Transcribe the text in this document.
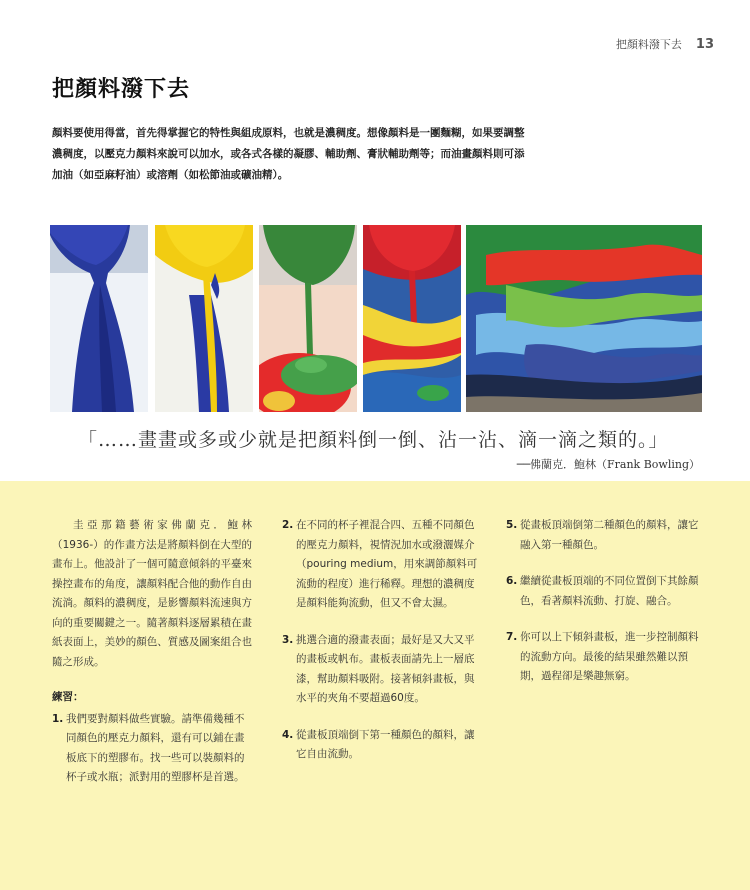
把顏料潑下去 13
把顏料潑下去

顏料要使用得當，首先得掌握它的特性與組成原料，也就是濃稠度。想像顏料是一團麵糊，如果要調整濃稠度，以壓克力顏料來說可以加水，或各式各樣的凝膠、輔助劑、膏狀輔助劑等；而油畫顏料則可添加油（如亞麻籽油）或溶劑（如松節油或礦油精）。

「……畫畫或多或少就是把顏料倒一倒、沾一沾、滴一滴之類的。」
──佛蘭克．鮑林（Frank Bowling）

圭亞那籍藝術家佛蘭克．鮑林（1936-）的作畫方法是將顏料倒在大型的畫布上。他設計了一個可隨意傾斜的平臺來操控畫布的角度，讓顏料配合他的動作自由流淌。顏料的濃稠度，是影響顏料流速與方向的重要關鍵之一。隨著顏料逐層累積在畫紙表面上，美妙的顏色、質感及圖案組合也隨之形成。

練習：
1. 我們要對顏料做些實驗。請準備幾種不同顏色的壓克力顏料，還有可以鋪在畫板底下的塑膠布。找一些可以裝顏料的杯子或水瓶；派對用的塑膠杯是首選。
2. 在不同的杯子裡混合四、五種不同顏色的壓克力顏料，視情況加水或潑灑媒介（pouring medium，用來調節顏料可流動的程度）進行稀釋。理想的濃稠度是顏料能夠流動，但又不會太濕。
3. 挑選合適的潑畫表面；最好是又大又平的畫板或帆布。畫板表面請先上一層底漆，幫助顏料吸附。接著傾斜畫板，與水平的夾角不要超過60度。
4. 從畫板頂端倒下第一種顏色的顏料，讓它自由流動。
5. 從畫板頂端倒第二種顏色的顏料，讓它融入第一種顏色。
6. 繼續從畫板頂端的不同位置倒下其餘顏色，看著顏料流動、打旋、融合。
7. 你可以上下傾斜畫板，進一步控制顏料的流動方向。最後的結果雖然難以預期，過程卻是樂趣無窮。
